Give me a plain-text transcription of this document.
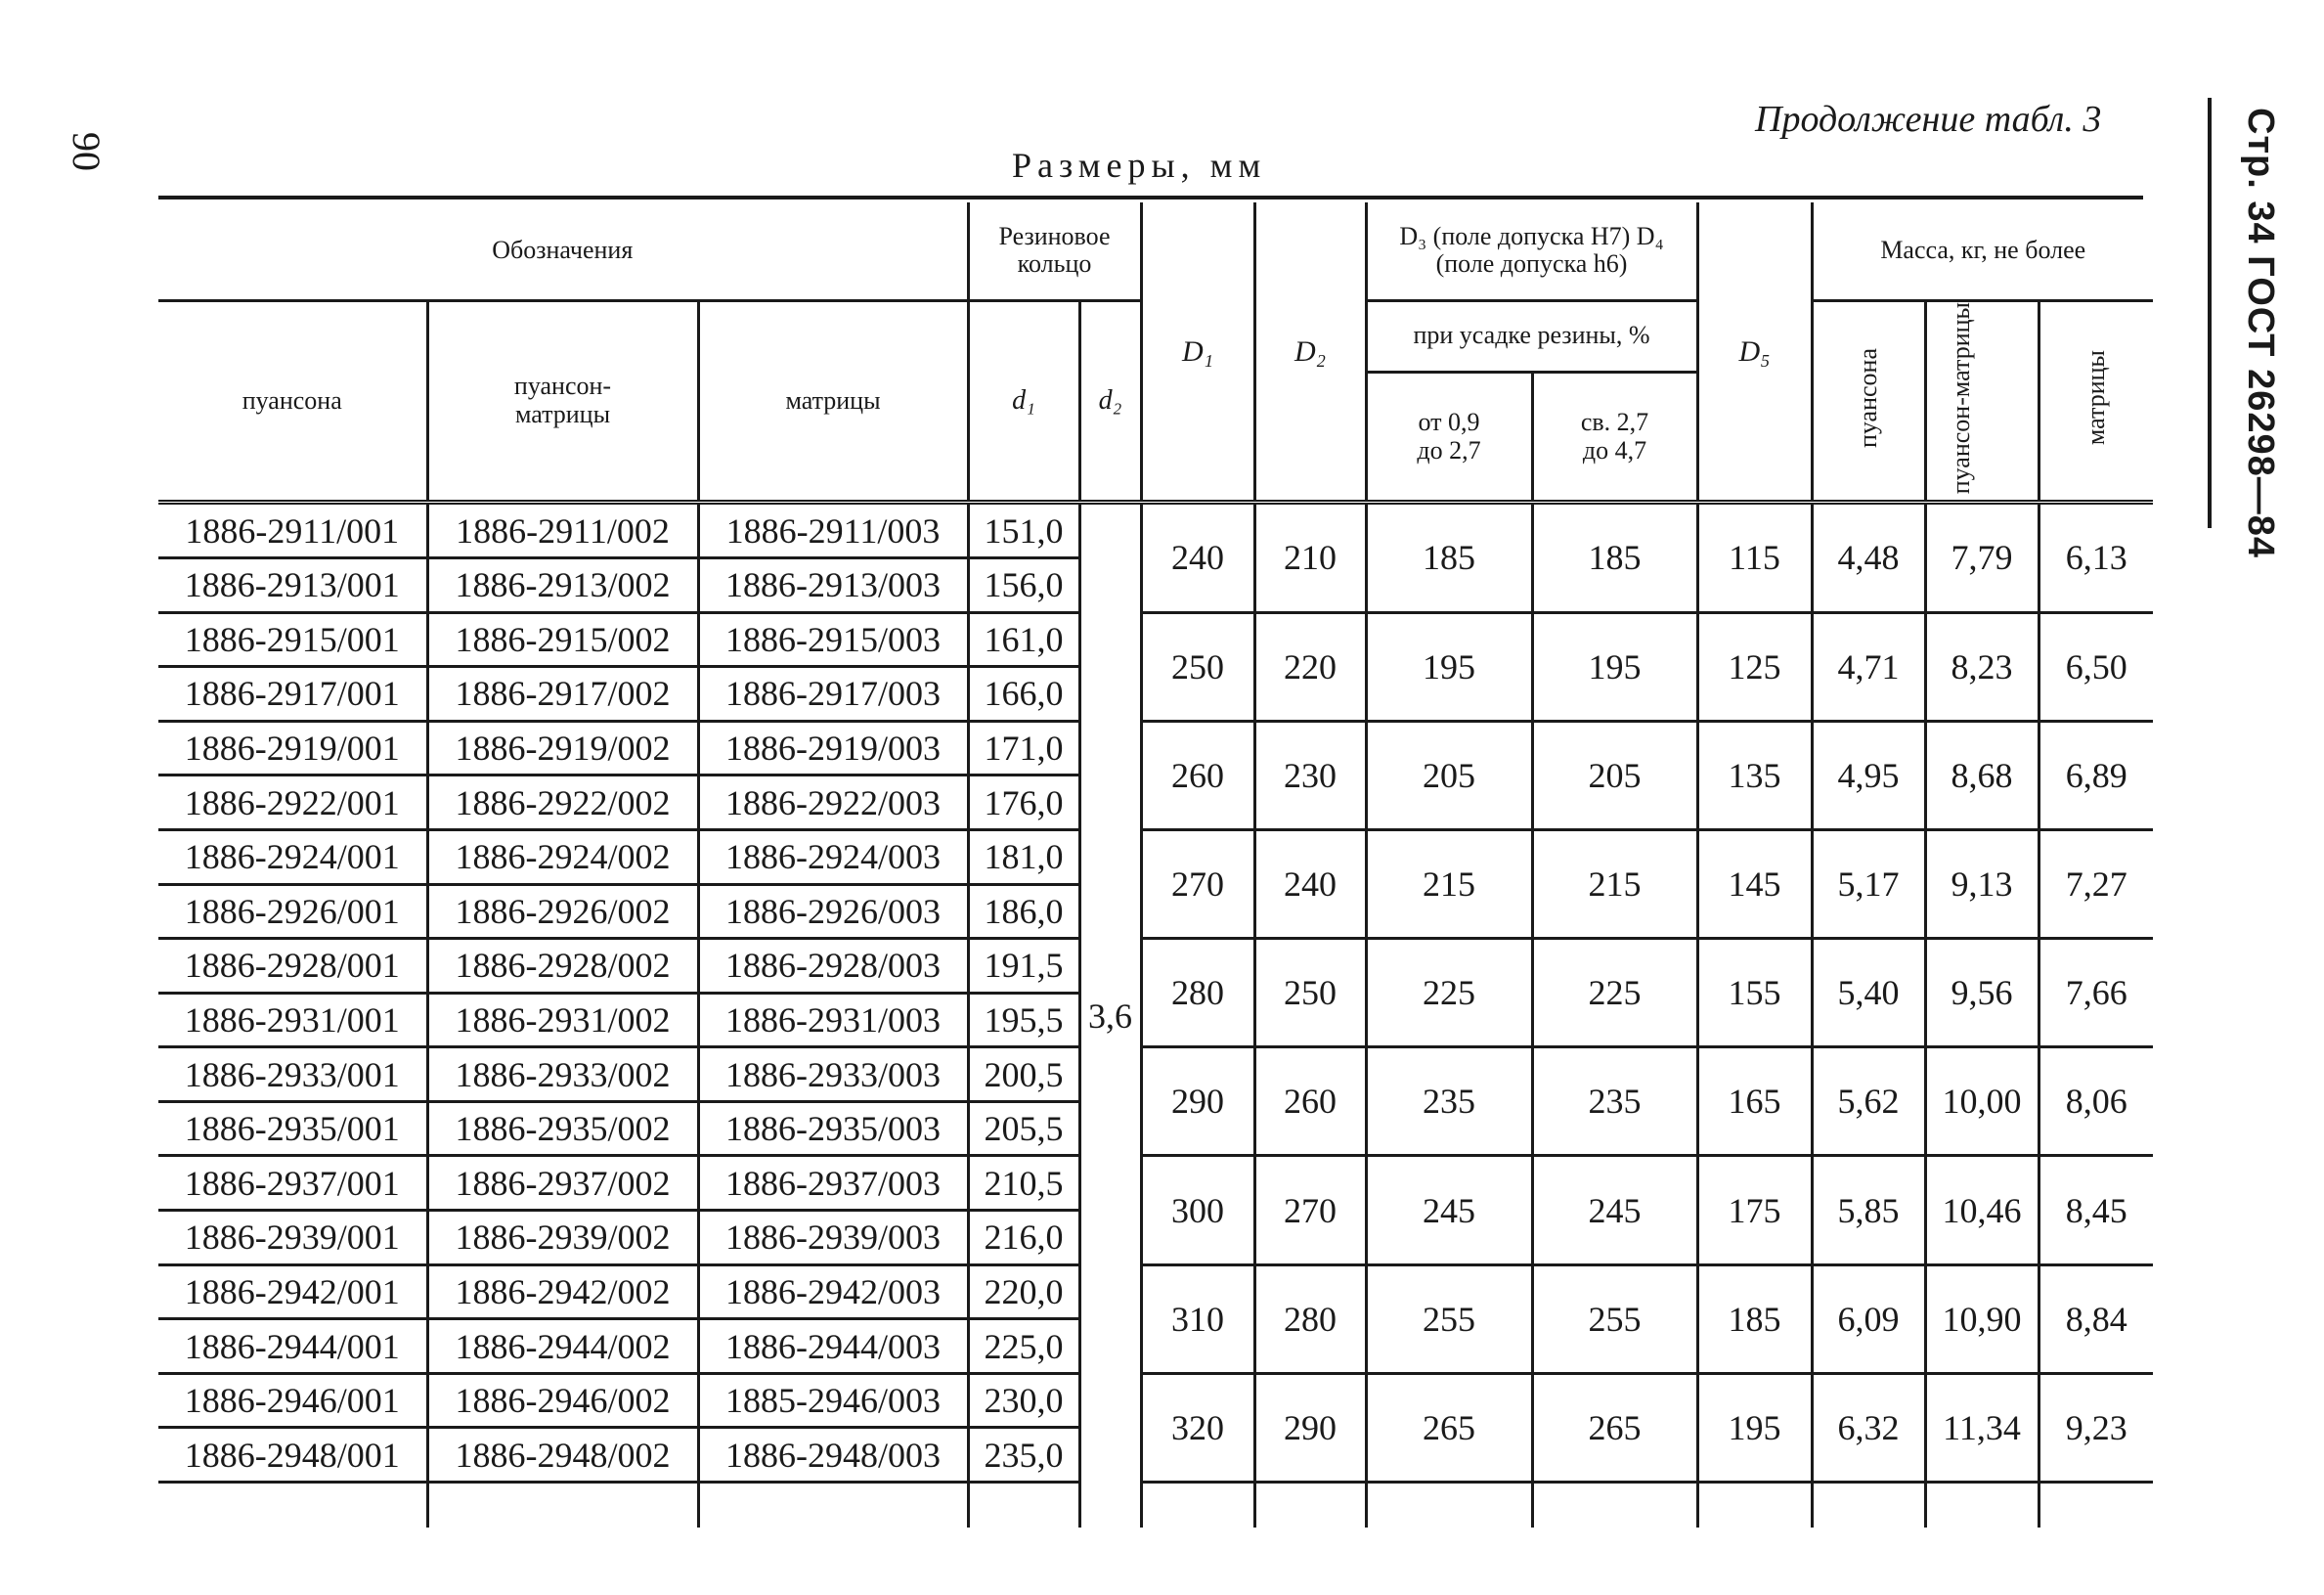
90
Продолжение табл. 3
Размеры, мм	Стр. 34 ГОСТ 26298—84
Обозначения			Резиновое кольцо		D₁	D₂	D₃ (поле допуска H7) D₄ (поле допуска h6)		D₅	Масса, кг, не более		
пуансона	пуансон-матрицы	матрицы	d₁	d₂			при усадке резины, %			пуансона	пуансон-матрицы	матрицы
							от 0,9 до 2,7	св. 2,7 до 4,7				
1886-2911/001	1886-2911/002	1886-2911/003	151,0	3,6	240	210	185	185	115	4,48	7,79	6,13
1886-2913/001	1886-2913/002	1886-2913/003	156,0									
1886-2915/001	1886-2915/002	1886-2915/003	161,0		250	220	195	195	125	4,71	8,23	6,50
1886-2917/001	1886-2917/002	1886-2917/003	166,0									
1886-2919/001	1886-2919/002	1886-2919/003	171,0		260	230	205	205	135	4,95	8,68	6,89
1886-2922/001	1886-2922/002	1886-2922/003	176,0									
1886-2924/001	1886-2924/002	1886-2924/003	181,0		270	240	215	215	145	5,17	9,13	7,27
1886-2926/001	1886-2926/002	1886-2926/003	186,0									
1886-2928/001	1886-2928/002	1886-2928/003	191,5		280	250	225	225	155	5,40	9,56	7,66
1886-2931/001	1886-2931/002	1886-2931/003	195,5									
1886-2933/001	1886-2933/002	1886-2933/003	200,5		290	260	235	235	165	5,62	10,00	8,06
1886-2935/001	1886-2935/002	1886-2935/003	205,5									
1886-2937/001	1886-2937/002	1886-2937/003	210,5		300	270	245	245	175	5,85	10,46	8,45
1886-2939/001	1886-2939/002	1886-2939/003	216,0									
1886-2942/001	1886-2942/002	1886-2942/003	220,0		310	280	255	255	185	6,09	10,90	8,84
1886-2944/001	1886-2944/002	1886-2944/003	225,0									
1886-2946/001	1886-2946/002	1885-2946/003	230,0		320	290	265	265	195	6,32	11,34	9,23
1886-2948/001	1886-2948/002	1886-2948/003	235,0									
